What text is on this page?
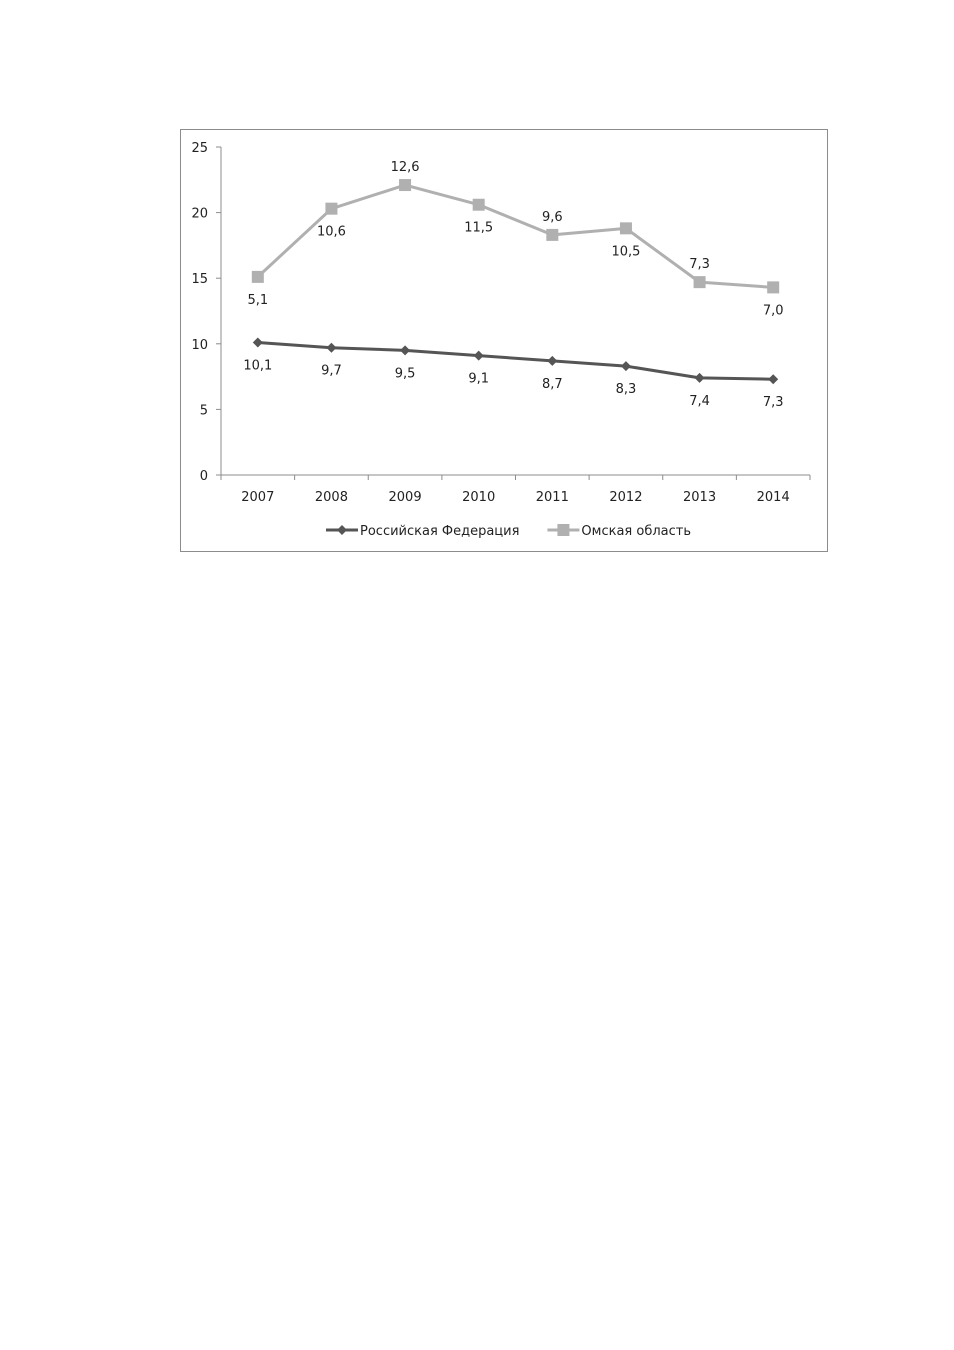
0
5
10
15
20
25
2007	2008	2009	2010	2011	2012	2013	2014
10,1	9,7	9,5	9,1	8,7	8,3
7,4	7,3
5,1
10,6
12,6
11,5
9,6
10,5
7,3
7,0
Российская Федерация	Омская область
